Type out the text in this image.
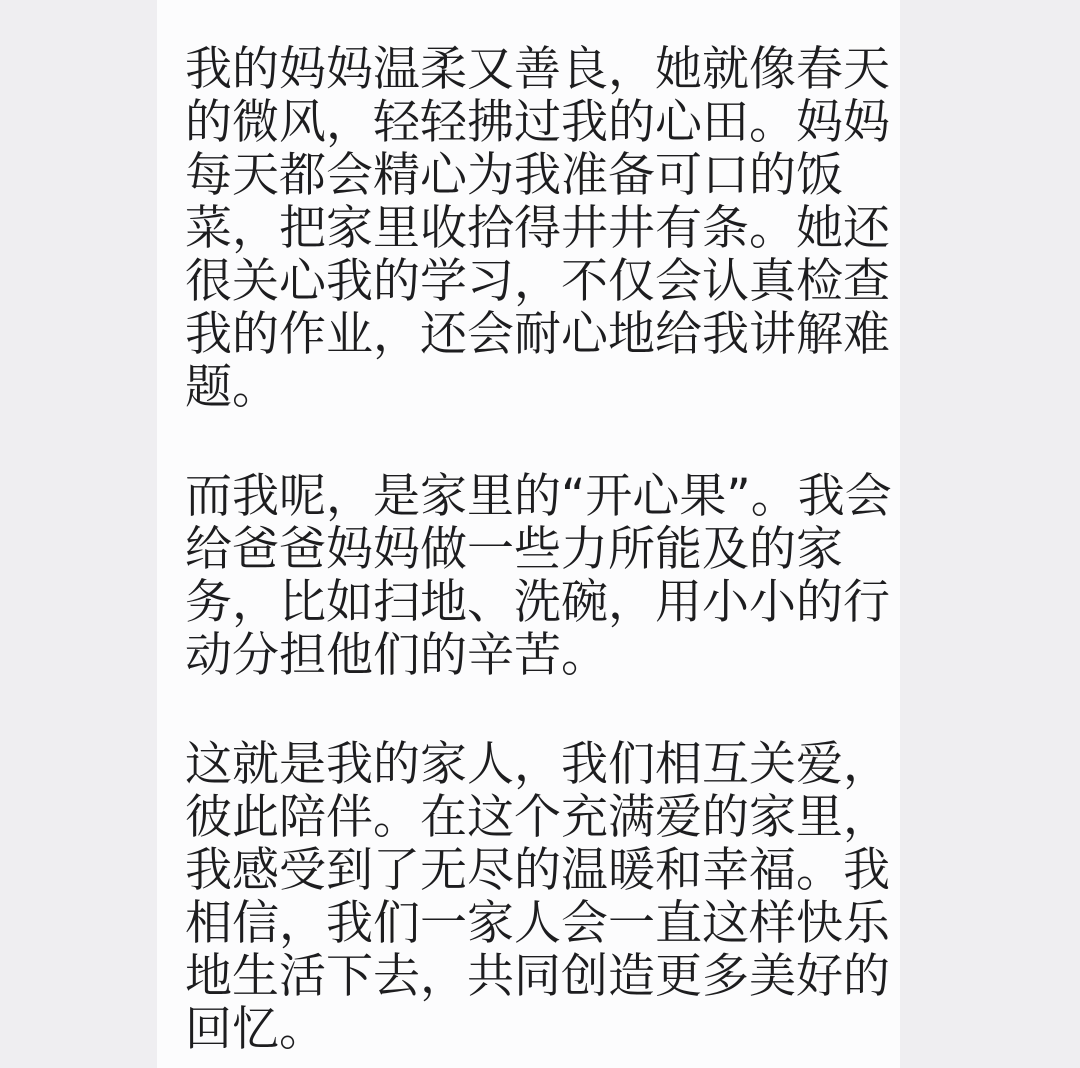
我的妈妈温柔又善良，她就像春天
的微风，轻轻拂过我的心田。妈妈
每天都会精心为我准备可口的饭
菜，把家里收拾得井井有条。她还
很关心我的学习，不仅会认真检查
我的作业，还会耐心地给我讲解难
题。

而我呢，是家里的“开心果”。我会
给爸爸妈妈做一些力所能及的家
务，比如扫地、洗碗，用小小的行
动分担他们的辛苦。

这就是我的家人，我们相互关爱，
彼此陪伴。在这个充满爱的家里，
我感受到了无尽的温暖和幸福。我
相信，我们一家人会一直这样快乐
地生活下去，共同创造更多美好的
回忆。
